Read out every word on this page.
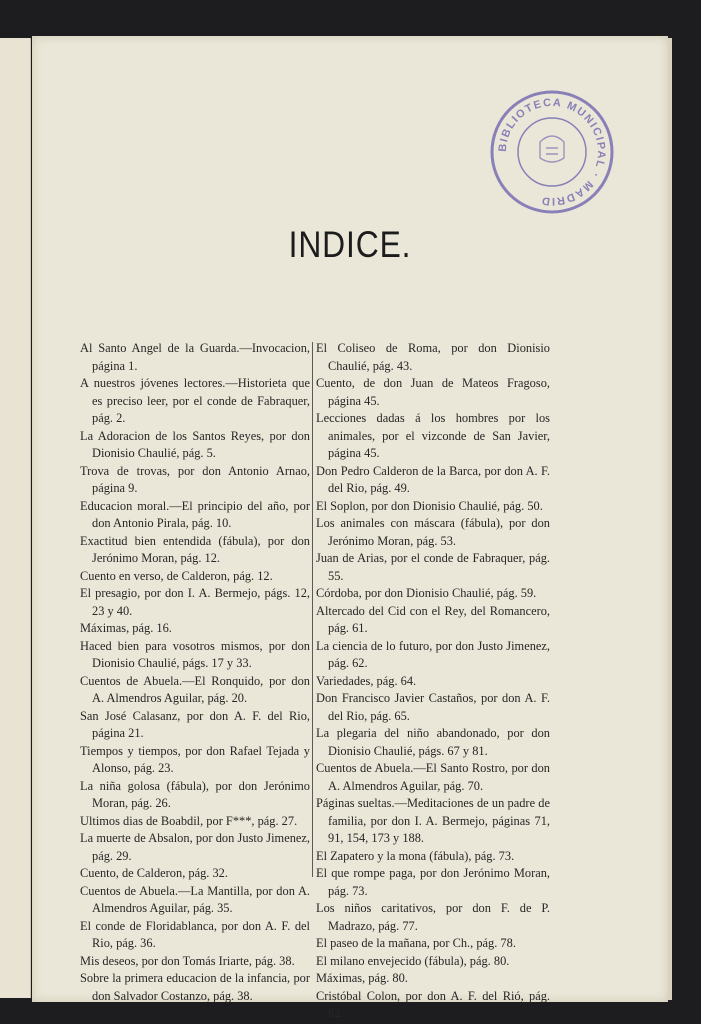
BIBLIOTECA MUNICIPAL · MADRID
INDICE.
Al Santo Angel de la Guarda.—Invocacion, página 1.
A nuestros jóvenes lectores.—Historieta que es preciso leer, por el conde de Fabraquer, pág. 2.
La Adoracion de los Santos Reyes, por don Dionisio Chaulié, pág. 5.
Trova de trovas, por don Antonio Arnao, página 9.
Educacion moral.—El principio del año, por don Antonio Pirala, pág. 10.
Exactitud bien entendida (fábula), por don Jerónimo Moran, pág. 12.
Cuento en verso, de Calderon, pág. 12.
El presagio, por don I. A. Bermejo, págs. 12, 23 y 40.
Máximas, pág. 16.
Haced bien para vosotros mismos, por don Dionisio Chaulié, págs. 17 y 33.
Cuentos de Abuela.—El Ronquido, por don A. Almendros Aguilar, pág. 20.
San José Calasanz, por don A. F. del Rio, página 21.
Tiempos y tiempos, por don Rafael Tejada y Alonso, pág. 23.
La niña golosa (fábula), por don Jerónimo Moran, pág. 26.
Ultimos dias de Boabdil, por F***, pág. 27.
La muerte de Absalon, por don Justo Jimenez, pág. 29.
Cuento, de Calderon, pág. 32.
Cuentos de Abuela.—La Mantilla, por don A. Almendros Aguilar, pág. 35.
El conde de Floridablanca, por don A. F. del Rio, pág. 36.
Mis deseos, por don Tomás Iriarte, pág. 38.
Sobre la primera educacion de la infancia, por don Salvador Costanzo, pág. 38.
El Coliseo de Roma, por don Dionisio Chaulié, pág. 43.
Cuento, de don Juan de Mateos Fragoso, página 45.
Lecciones dadas á los hombres por los animales, por el vizconde de San Javier, página 45.
Don Pedro Calderon de la Barca, por don A. F. del Rio, pág. 49.
El Soplon, por don Dionisio Chaulié, pág. 50.
Los animales con máscara (fábula), por don Jerónimo Moran, pág. 53.
Juan de Arias, por el conde de Fabraquer, pág. 55.
Córdoba, por don Dionisio Chaulié, pág. 59.
Altercado del Cid con el Rey, del Romancero, pág. 61.
La ciencia de lo futuro, por don Justo Jimenez, pág. 62.
Variedades, pág. 64.
Don Francisco Javier Castaños, por don A. F. del Rio, pág. 65.
La plegaria del niño abandonado, por don Dionisio Chaulié, págs. 67 y 81.
Cuentos de Abuela.—El Santo Rostro, por don A. Almendros Aguilar, pág. 70.
Páginas sueltas.—Meditaciones de un padre de familia, por don I. A. Bermejo, páginas 71, 91, 154, 173 y 188.
El Zapatero y la mona (fábula), pág. 73.
El que rompe paga, por don Jerónimo Moran, pág. 73.
Los niños caritativos, por don F. de P. Madrazo, pág. 77.
El paseo de la mañana, por Ch., pág. 78.
El milano envejecido (fábula), pág. 80.
Máximas, pág. 80.
Cristóbal Colon, por don A. F. del Rió, pág. 82.
